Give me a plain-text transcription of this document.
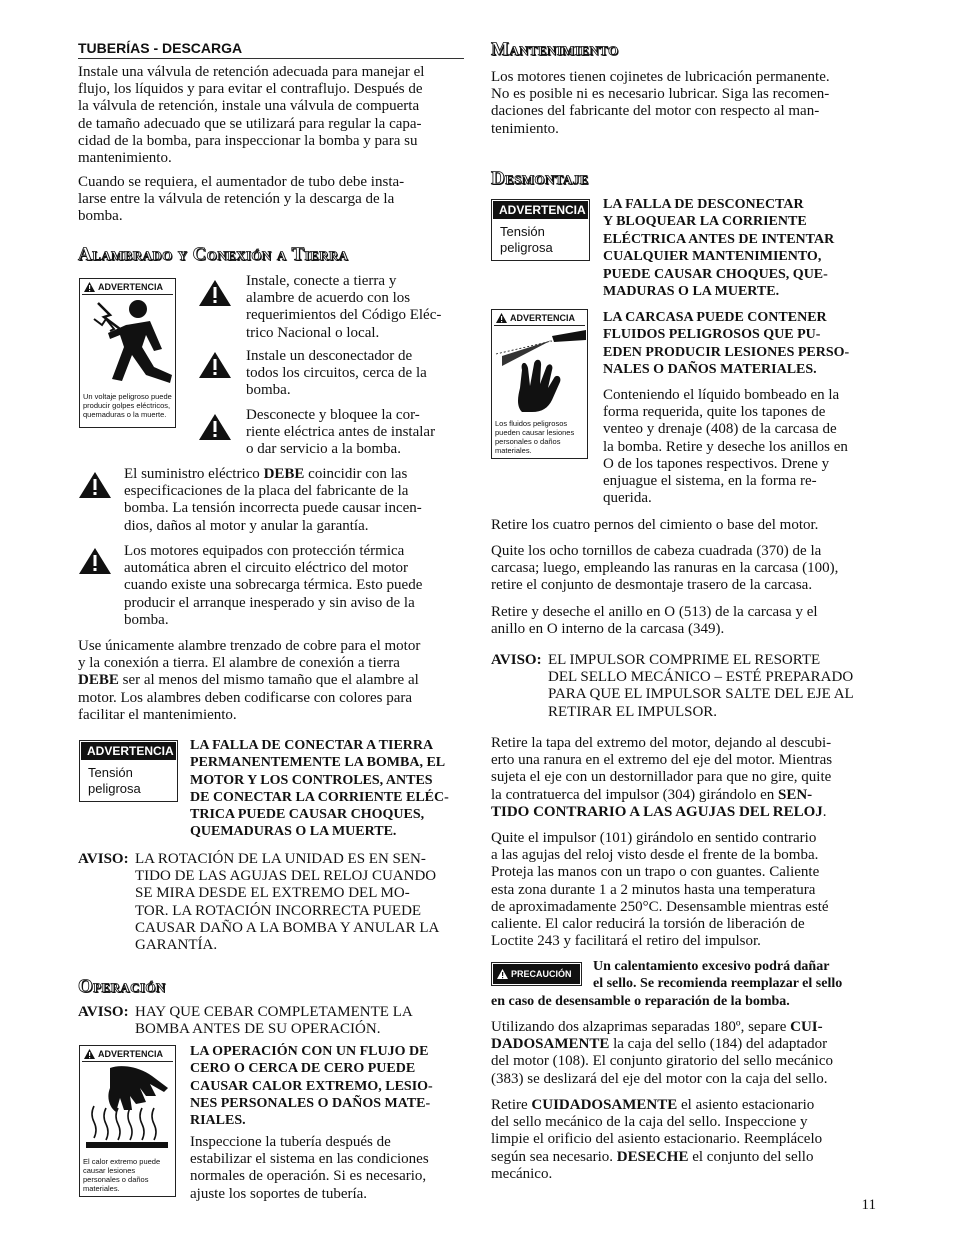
TUBERÍAS - DESCARGA

Instale una válvula de retención adecuada para manejar el

flujo, los líquidos y para evitar el contraflujo. Después de

la válvula de retención, instale una válvula de compuerta

de tamaño adecuado que se utilizará para regular la capa-

cidad de la bomba, para inspeccionar la bomba y para su

mantenimiento.

Cuando se requiera, el aumentador de tubo debe insta-

larse entre la válvula de retención y la descarga de la

bomba.

Alambrado y Conexión a Tierra
ADVERTENCIA
Un voltaje peligroso puede producir golpes eléctricos, quemaduras o la muerte.

Instale, conecte a tierra y

alambre de acuerdo con los

requerimientos del Código Eléc-

trico Nacional o local.

Instale un desconectador de

todos los circuitos, cerca de la

bomba.

Desconecte y bloquee la cor-

riente eléctrica antes de instalar

o dar servicio a la bomba.

El suministro eléctrico DEBE coincidir con las

especificaciones de la placa del fabricante de la

bomba. La tensión incorrecta puede causar incen-

dios, daños al motor y anular la garantía.

Los motores equipados con protección térmica

automática abren el circuito eléctrico del motor

cuando existe una sobrecarga térmica. Esto puede

producir el arranque inesperado y sin aviso de la

bomba.

Use únicamente alambre trenzado de cobre para el motor

y la conexión a tierra. El alambre de conexión a tierra

DEBE ser al menos del mismo tamaño que el alambre al

motor. Los alambres deben codificarse con colores para

facilitar el mantenimiento.

ADVERTENCIA
Tensión
peligrosa
LA FALLA DE CONECTAR A TIERRA
PERMANENTEMENTE LA BOMBA, EL
MOTOR Y LOS CONTROLES, ANTES
DE CONECTAR LA CORRIENTE ELÉC-
TRICA PUEDE CAUSAR CHOQUES,
QUEMADURAS O LA MUERTE.
AVISO: LA ROTACIÓN DE LA UNIDAD ES EN SEN-

TIDO DE LAS AGUJAS DEL RELOJ CUANDO

SE MIRA DESDE EL EXTREMO DEL MO-

TOR. LA ROTACIÓN INCORRECTA PUEDE

CAUSAR DAÑO A LA BOMBA Y ANULAR LA

GARANTÍA.

Operación
AVISO: HAY QUE CEBAR COMPLETAMENTE LA

BOMBA ANTES DE SU OPERACIÓN.

ADVERTENCIA
El calor extremo puede causar lesiones personales o daños materiales.
LA OPERACIÓN CON UN FLUJO DE
CERO O CERCA DE CERO PUEDE
CAUSAR CALOR EXTREMO, LESIO-
NES PERSONALES O DAÑOS MATE-
RIALES.

Inspeccione la tubería después de

estabilizar el sistema en las condiciones

normales de operación. Si es necesario,

ajuste los soportes de tubería.

Mantenimiento

Los motores tienen cojinetes de lubricación permanente.

No es posible ni es necesario lubricar. Siga las recomen-

daciones del fabricante del motor con respecto al man-

tenimiento.

Desmontaje
ADVERTENCIA
Tensión
peligrosa
LA FALLA DE DESCONECTAR
Y BLOQUEAR LA CORRIENTE
ELÉCTRICA ANTES DE INTENTAR
CUALQUIER MANTENIMIENTO,
PUEDE CAUSAR CHOQUES, QUE-
MADURAS O LA MUERTE.
ADVERTENCIA
Los fluidos peligrosos pueden causar lesiones personales o daños materiales.
LA CARCASA PUEDE CONTENER
FLUIDOS PELIGROSOS QUE PU-
EDEN PRODUCIR LESIONES PERSO-
NALES O DAÑOS MATERIALES.

Conteniendo el líquido bombeado en la

forma requerida, quite los tapones de

venteo y drenaje (408) de la carcasa de

la bomba. Retire y deseche los anillos en

O de los tapones respectivos. Drene y

enjuague el sistema, en la forma re-

querida.

Retire los cuatro pernos del cimiento o base del motor.

Quite los ocho tornillos de cabeza cuadrada (370) de la

carcasa; luego, empleando las ranuras en la carcasa (100),

retire el conjunto de desmontaje trasero de la carcasa.

Retire y deseche el anillo en O (513) de la carcasa y el

anillo en O interno de la carcasa (349).

AVISO: EL IMPULSOR COMPRIME EL RESORTE

DEL SELLO MECÁNICO – ESTÉ PREPARADO

PARA QUE EL IMPULSOR SALTE DEL EJE AL

RETIRAR EL IMPULSOR.

Retire la tapa del extremo del motor, dejando al descubi-

erto una ranura en el extremo del eje del motor. Mientras

sujeta el eje con un destornillador para que no gire, quite

la contratuerca del impulsor (304) girándolo en SEN-

TIDO CONTRARIO A LAS AGUJAS DEL RELOJ.

Quite el impulsor (101) girándolo en sentido contrario

a las agujas del reloj visto desde el frente de la bomba.

Proteja las manos con un trapo o con guantes. Caliente

esta zona durante 1 a 2 minutos hasta una temperatura

de aproximadamente 250°C. Desensamble mientras esté

caliente. El calor reducirá la torsión de liberación de

Loctite 243 y facilitará el retiro del impulsor.

PRECAUCIÓN Un calentamiento excesivo podrá dañar
el sello. Se recomienda reemplazar el sello
en caso de desensamble o reparación de la bomba.

Utilizando dos alzaprimas separadas 180º, separe CUI-

DADOSAMENTE la caja del sello (184) del adaptador

del motor (108). El conjunto giratorio del sello mecánico

(383) se deslizará del eje del motor con la caja del sello.

Retire CUIDADOSAMENTE el asiento estacionario

del sello mecánico de la caja del sello. Inspeccione y

limpie el orificio del asiento estacionario. Reemplácelo

según sea necesario. DESECHE el conjunto del sello

mecánico.

11
